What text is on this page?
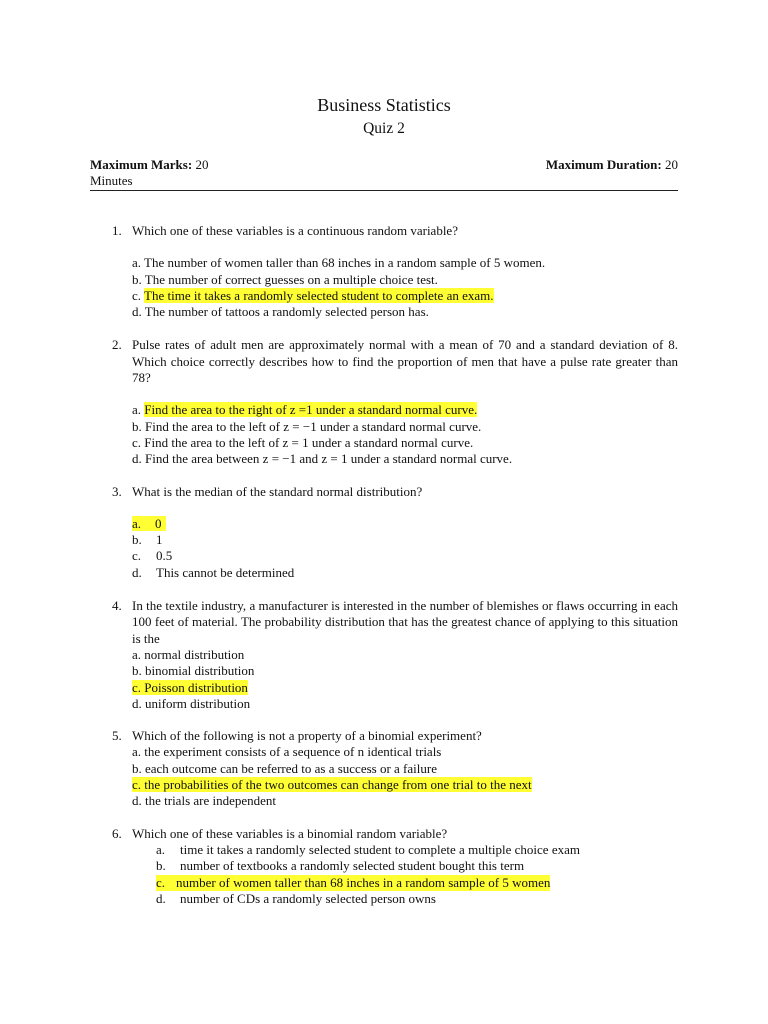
Business Statistics
Quiz 2
Maximum Marks: 20	Maximum Duration: 20
Minutes
1. Which one of these variables is a continuous random variable?
a. The number of women taller than 68 inches in a random sample of 5 women.
b. The number of correct guesses on a multiple choice test.
c. The time it takes a randomly selected student to complete an exam.
d. The number of tattoos a randomly selected person has.
2. Pulse rates of adult men are approximately normal with a mean of 70 and a standard deviation of 8. Which choice correctly describes how to find the proportion of men that have a pulse rate greater than 78?
a. Find the area to the right of z =1 under a standard normal curve.
b. Find the area to the left of z = −1 under a standard normal curve.
c. Find the area to the left of z = 1 under a standard normal curve.
d. Find the area between z = −1 and z = 1 under a standard normal curve.
3. What is the median of the standard normal distribution?
a. 0
b. 1
c. 0.5
d. This cannot be determined
4. In the textile industry, a manufacturer is interested in the number of blemishes or flaws occurring in each 100 feet of material. The probability distribution that has the greatest chance of applying to this situation is the
a. normal distribution
b. binomial distribution
c. Poisson distribution
d. uniform distribution
5. Which of the following is not a property of a binomial experiment?
a. the experiment consists of a sequence of n identical trials
b. each outcome can be referred to as a success or a failure
c. the probabilities of the two outcomes can change from one trial to the next
d. the trials are independent
6. Which one of these variables is a binomial random variable?
a. time it takes a randomly selected student to complete a multiple choice exam
b. number of textbooks a randomly selected student bought this term
c. number of women taller than 68 inches in a random sample of 5 women
d. number of CDs a randomly selected person owns
